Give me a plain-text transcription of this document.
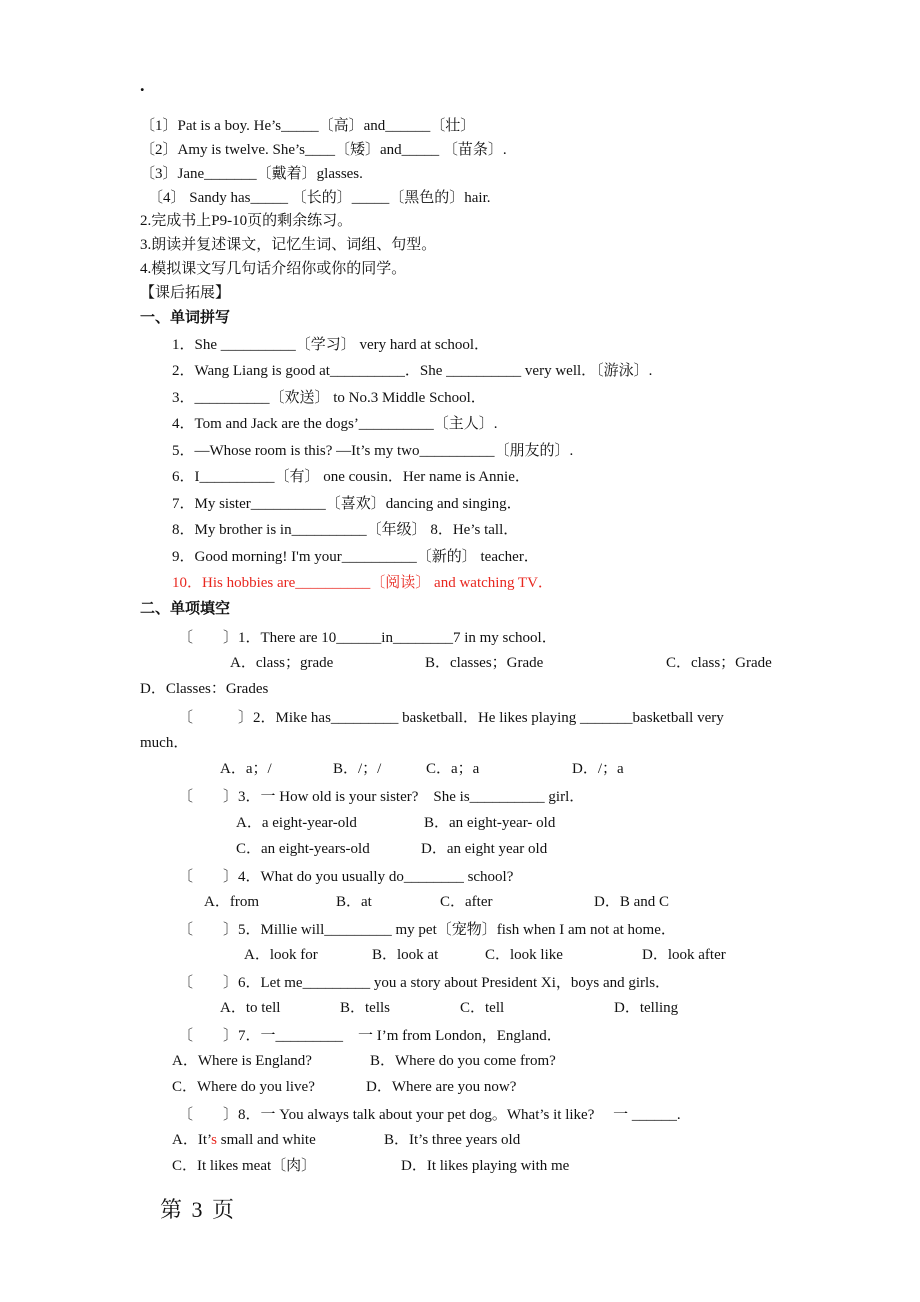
.
〔1〕Pat is a boy. He’s_____〔高〕and______〔壮〕
〔2〕Amy is twelve. She’s____〔矮〕and_____ 〔苗条〕.
〔3〕Jane_______〔戴着〕glasses.
〔4〕 Sandy has_____ 〔长的〕_____〔黑色的〕hair.
2.完成书上P9-10页的剩余练习。
3.朗读并复述课文，记忆生词、词组、句型。
4.模拟课文写几句话介绍你或你的同学。
【课后拓展】
一、单词拼写
1．She __________〔学习〕 very hard at school．
2．Wang Liang is good at__________．She __________ very well．〔游泳〕.
3．__________〔欢送〕 to No.3 Middle School．
4．Tom and Jack are the dogs’__________〔主人〕.
5．—Whose room is this? —It’s my two__________〔朋友的〕.
6．I__________〔有〕 one cousin．Her name is Annie．
7．My sister__________〔喜欢〕dancing and singing．
8．My brother is in__________〔年级〕 8．He’s tall．
9．Good morning! I'm your__________〔新的〕 teacher．
10．His hobbies are__________〔阅读〕 and watching TV．
二、单项填空
〔　　〕1．There are 10______in________7 in my school．
A．class；grade	B．classes；Grade	C．class；Grade
D．Classes：Grades
〔　　　〕2．Mike has_________ basketball．He likes playing _______basketball very
much．
A．a；/	B．/；/	C．a；a	D．/；a
〔　　〕3．一 How old is your sister?　She is__________ girl．
A．a eight-year-old	B．an eight-year- old
C．an eight-years-old	D．an eight year old
〔　　〕4．What do you usually do________ school?
A．from	B．at	C．after	D．B and C
〔　　〕5．Millie will_________ my pet〔宠物〕fish when I am not at home．
A．look for	B．look at	C．look like	D．look after
〔　　〕6．Let me_________ you a story about President Xi，boys and girls．
A．to tell	B．tells	C．tell	D．telling
〔　　〕7．一_________　一 I’m from London，England．
A．Where is England?	B．Where do you come from?
C．Where do you live?	D．Where are you now?
〔　　〕8．一 You always talk about your pet dog。What’s it like?　 一 ______.
A．It’s small and white	B．It’s three years old
C．It likes meat〔肉〕	D．It likes playing with me
第 3 页
